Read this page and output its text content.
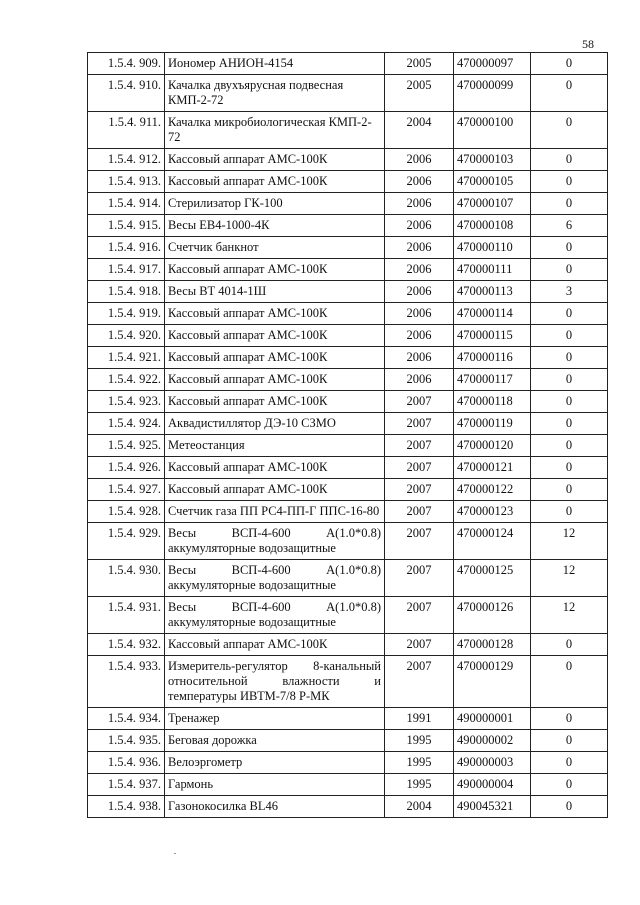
58
1.5.4. 909.	Иономер АНИОН-4154	2005	470000097	0
1.5.4. 910.	Качалка двухъярусная подвесная КМП-2-72	2005	470000099	0
1.5.4. 911.	Качалка микробиологическая КМП-2-72	2004	470000100	0
1.5.4. 912.	Кассовый аппарат АМС-100К	2006	470000103	0
1.5.4. 913.	Кассовый аппарат АМС-100К	2006	470000105	0
1.5.4. 914.	Стерилизатор ГК-100	2006	470000107	0
1.5.4. 915.	Весы ЕВ4-1000-4К	2006	470000108	6
1.5.4. 916.	Счетчик банкнот	2006	470000110	0
1.5.4. 917.	Кассовый аппарат АМС-100К	2006	470000111	0
1.5.4. 918.	Весы ВТ 4014-1Ш	2006	470000113	3
1.5.4. 919.	Кассовый аппарат АМС-100К	2006	470000114	0
1.5.4. 920.	Кассовый аппарат АМС-100К	2006	470000115	0
1.5.4. 921.	Кассовый аппарат АМС-100К	2006	470000116	0
1.5.4. 922.	Кассовый аппарат АМС-100К	2006	470000117	0
1.5.4. 923.	Кассовый аппарат АМС-100К	2007	470000118	0
1.5.4. 924.	Аквадистиллятор ДЭ-10 СЗМО	2007	470000119	0
1.5.4. 925.	Метеостанция	2007	470000120	0
1.5.4. 926.	Кассовый аппарат АМС-100К	2007	470000121	0
1.5.4. 927.	Кассовый аппарат АМС-100К	2007	470000122	0
1.5.4. 928.	Счетчик газа ПП РС4-ПП-Г ППС-16-80	2007	470000123	0
1.5.4. 929.	Весы ВСП-4-600 А(1.0*0.8) аккумуляторные водозащитные	2007	470000124	12
1.5.4. 930.	Весы ВСП-4-600 А(1.0*0.8) аккумуляторные водозащитные	2007	470000125	12
1.5.4. 931.	Весы ВСП-4-600 А(1.0*0.8) аккумуляторные водозащитные	2007	470000126	12
1.5.4. 932.	Кассовый аппарат АМС-100К	2007	470000128	0
1.5.4. 933.	Измеритель-регулятор 8-канальный относительной влажности и температуры ИВТМ-7/8 Р-МК	2007	470000129	0
1.5.4. 934.	Тренажер	1991	490000001	0
1.5.4. 935.	Беговая дорожка	1995	490000002	0
1.5.4. 936.	Велоэргометр	1995	490000003	0
1.5.4. 937.	Гармонь	1995	490000004	0
1.5.4. 938.	Газонокосилка BL46	2004	490045321	0
